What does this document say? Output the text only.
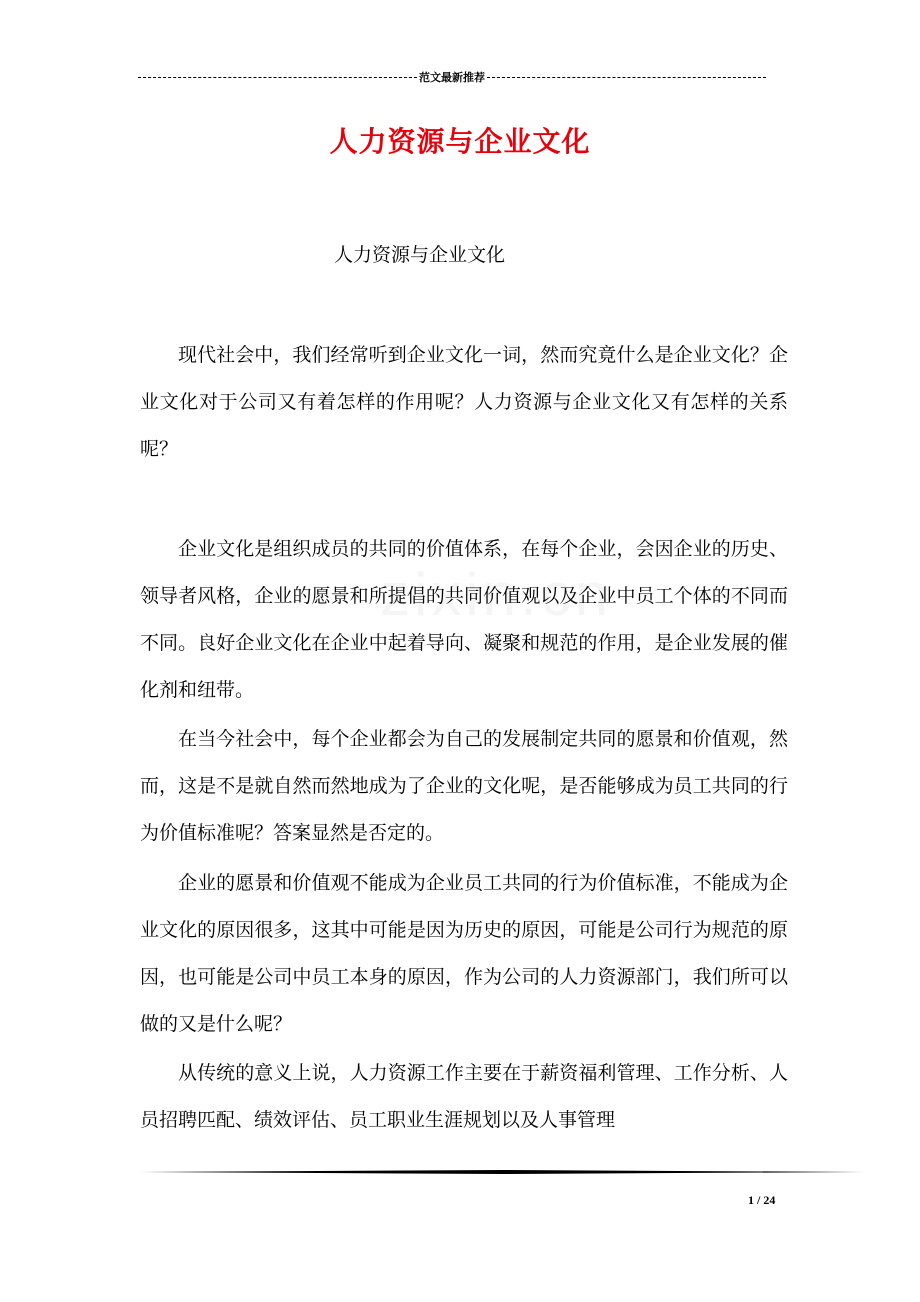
范文最新推荐
人力资源与企业文化

人力资源与企业文化

现代社会中，我们经常听到企业文化一词，然而究竟什么是企业文化？企业文化对于公司又有着怎样的作用呢？人力资源与企业文化又有怎样的关系呢？

企业文化是组织成员的共同的价值体系，在每个企业，会因企业的历史、领导者风格，企业的愿景和所提倡的共同价值观以及企业中员工个体的不同而不同。良好企业文化在企业中起着导向、凝聚和规范的作用，是企业发展的催化剂和纽带。

在当今社会中，每个企业都会为自己的发展制定共同的愿景和价值观，然而，这是不是就自然而然地成为了企业的文化呢，是否能够成为员工共同的行为价值标准呢？答案显然是否定的。

企业的愿景和价值观不能成为企业员工共同的行为价值标准，不能成为企业文化的原因很多，这其中可能是因为历史的原因，可能是公司行为规范的原因，也可能是公司中员工本身的原因，作为公司的人力资源部门，我们所可以做的又是什么呢？

从传统的意义上说，人力资源工作主要在于薪资福利管理、工作分析、人员招聘匹配、绩效评估、员工职业生涯规划以及人事管理

1 / 24
